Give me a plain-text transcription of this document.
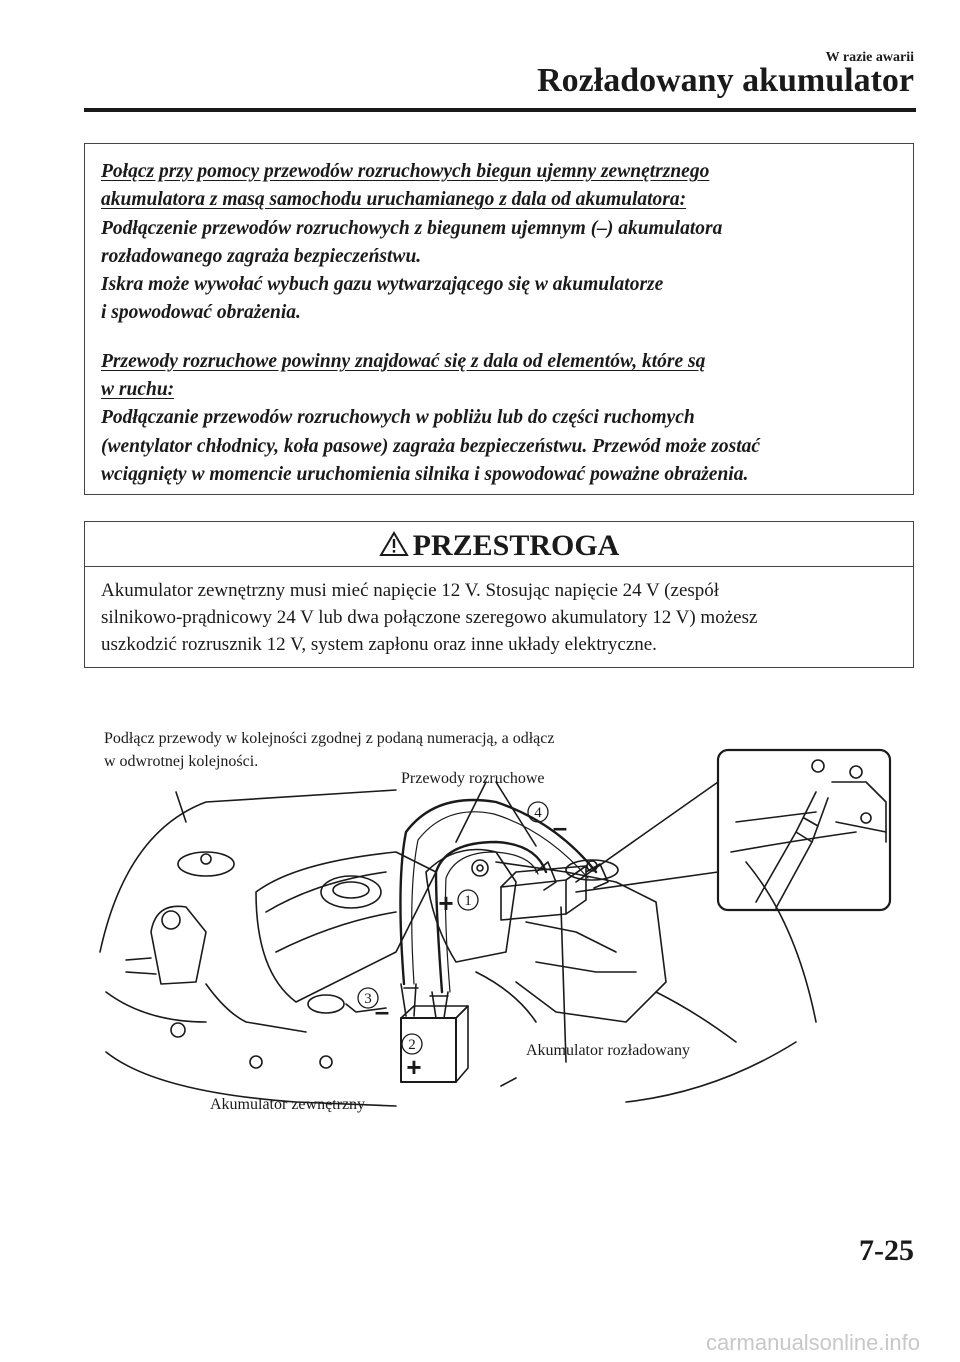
W razie awarii
Rozładowany akumulator
Połącz przy pomocy przewodów rozruchowych biegun ujemny zewnętrznego
akumulatora z masą samochodu uruchamianego z dala od akumulatora:
Podłączenie przewodów rozruchowych z biegunem ujemnym (–) akumulatora
rozładowanego zagraża bezpieczeństwu.
Iskra może wywołać wybuch gazu wytwarzającego się w akumulatorze
i spowodować obrażenia.
Przewody rozruchowe powinny znajdować się z dala od elementów, które są
w ruchu:
Podłączanie przewodów rozruchowych w pobliżu lub do części ruchomych
(wentylator chłodnicy, koła pasowe) zagraża bezpieczeństwu. Przewód może zostać
wciągnięty w momencie uruchomienia silnika i spowodować poważne obrażenia.
PRZESTROGA
Akumulator zewnętrzny musi mieć napięcie 12 V. Stosując napięcie 24 V (zespół
silnikowo-prądnicowy 24 V lub dwa połączone szeregowo akumulatory 12 V) możesz
uszkodzić rozrusznik 12 V, system zapłonu oraz inne układy elektryczne.
1
2
3
4
+
+
–
–
Podłącz przewody w kolejności zgodnej z podaną numeracją, a odłącz
w odwrotnej kolejności.
Przewody rozruchowe
Akumulator rozładowany
Akumulator zewnętrzny
7-25
carmanualsonline.info
